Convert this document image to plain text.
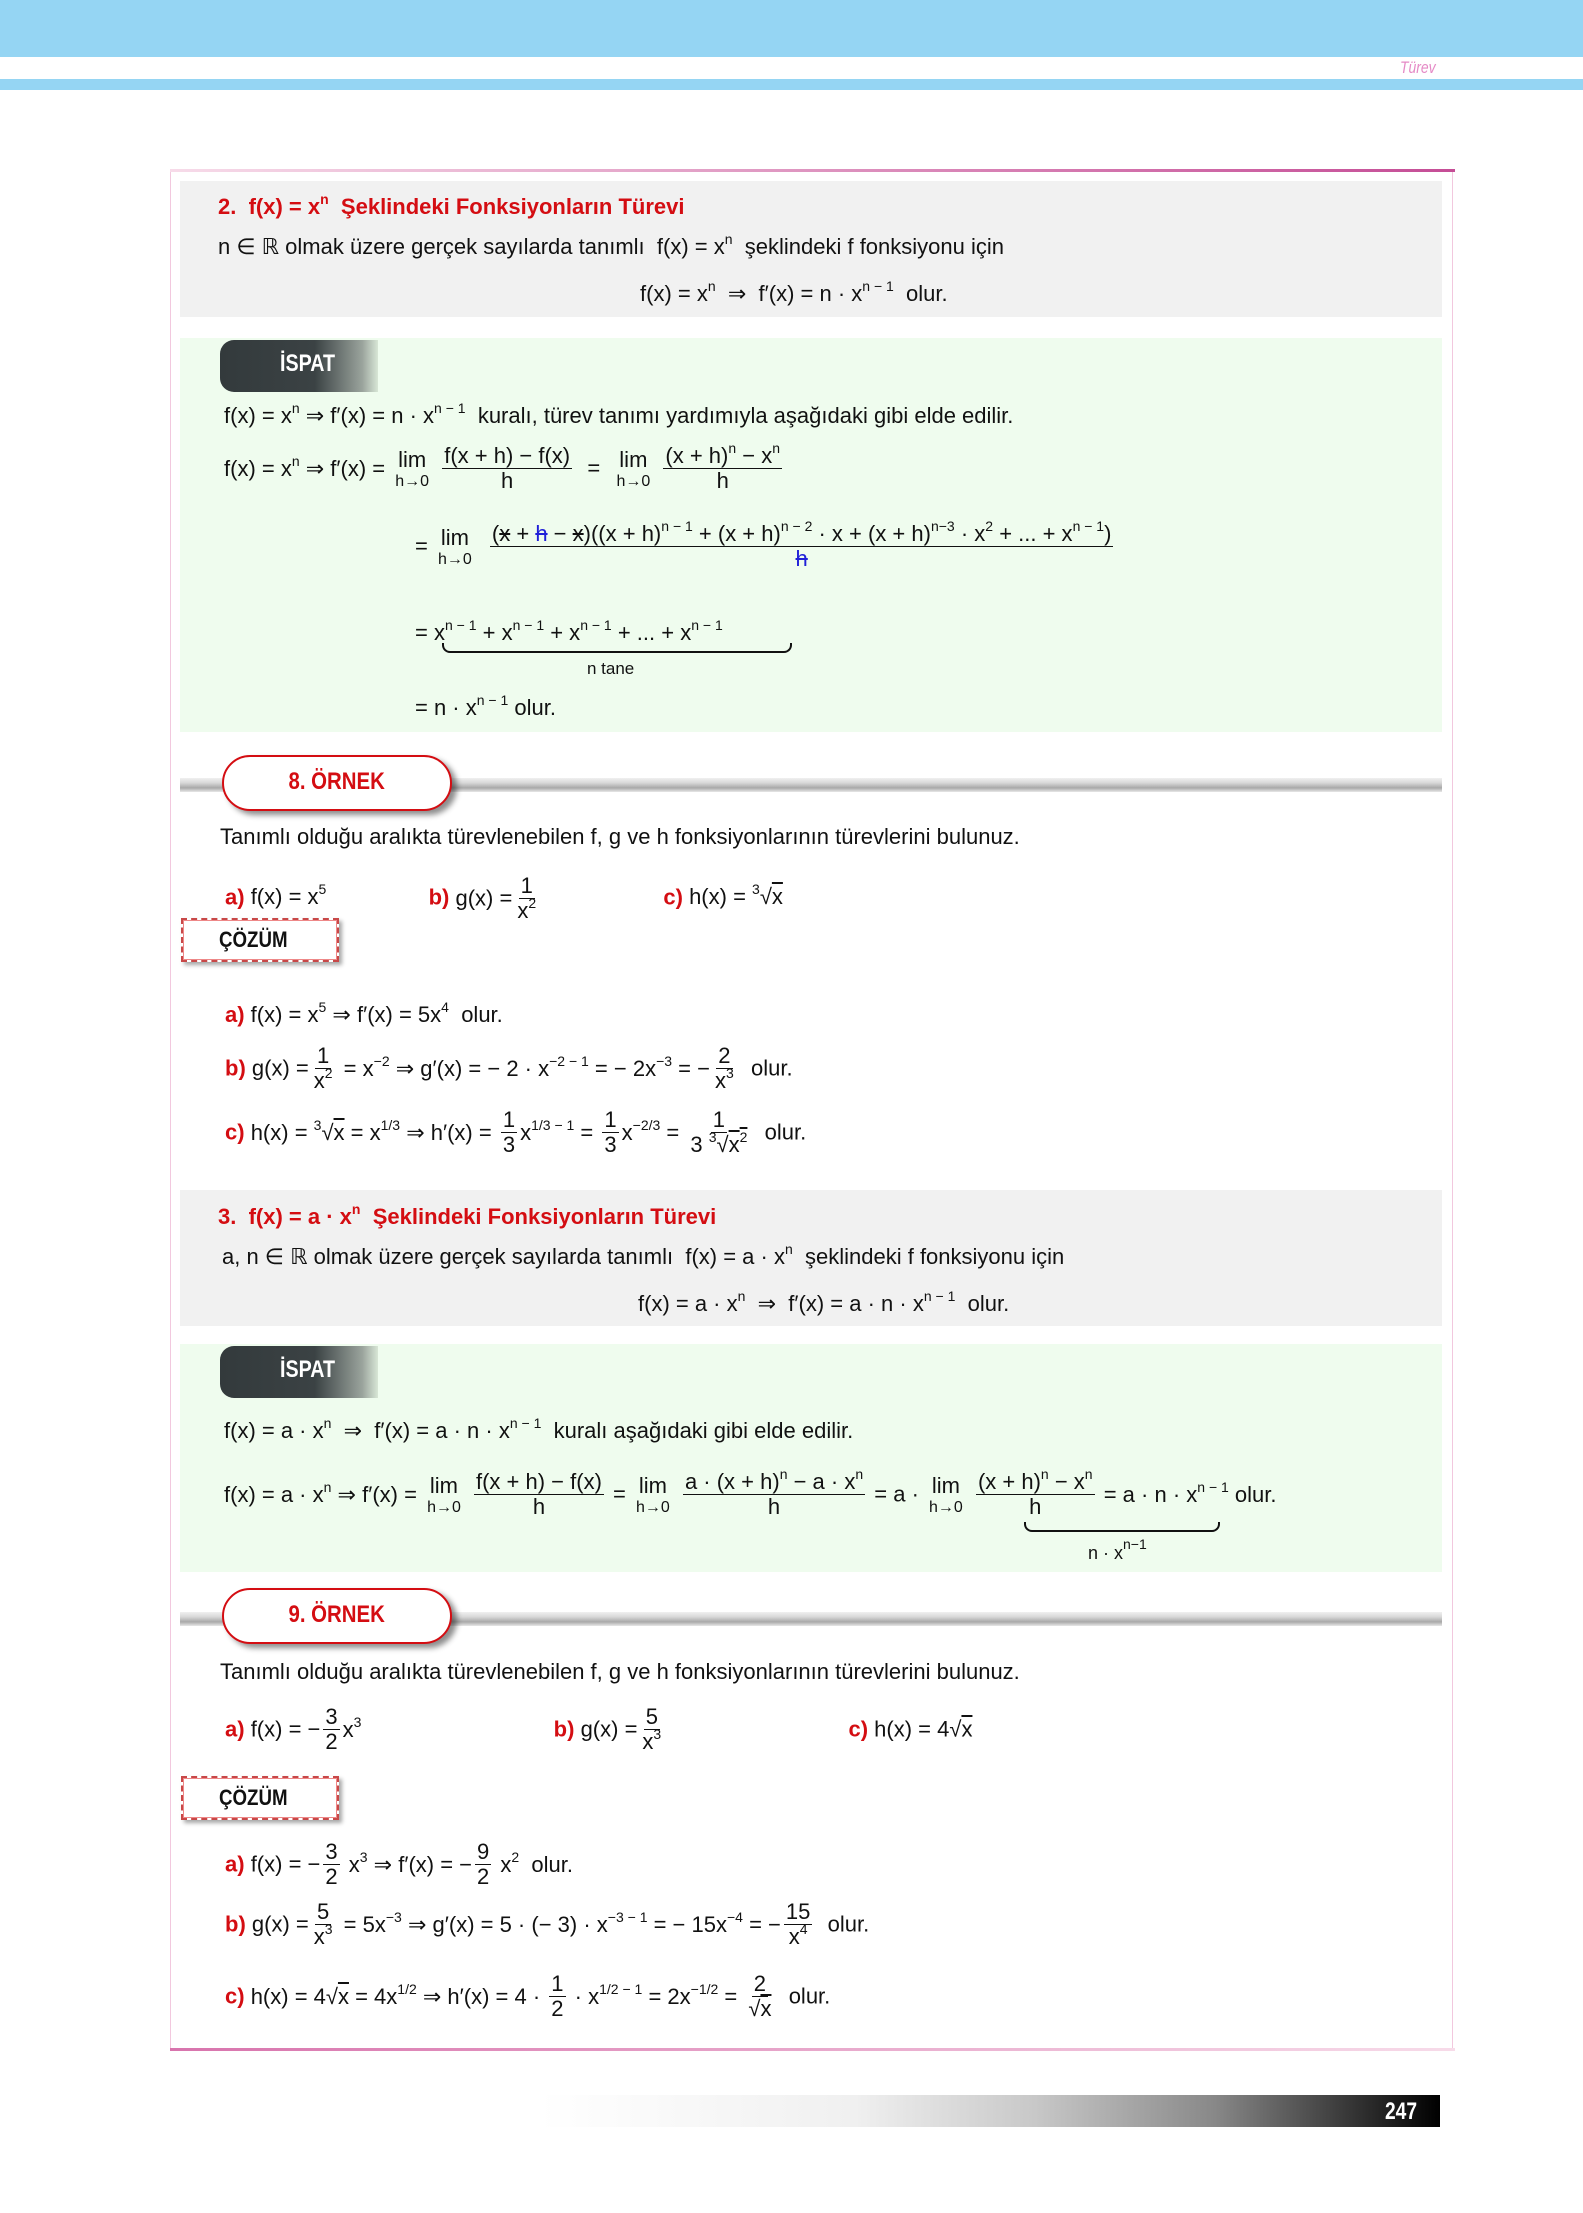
Türev
2. $f(x) = x^n$ Şeklindeki Fonksiyonların Türevi
n ∈ ℝ olmak üzere gerçek sayılarda tanımlı  $f(x) = x^n$ şeklindeki f fonksiyonu için
$f(x) = x^n$  ⇒  $f'(x) = n \cdot x^{n - 1}$ olur.
İSPAT
$f(x) = x^n$ ⇒ $f'(x) = n \cdot x^{n - 1}$ kuralı, türev tanımı yardımıyla aşağıdaki gibi elde edilir.
$f(x) = x^n$ ⇒ f′(x) = lim
h→0
$\frac{f(x + h) - f(x)}{h} = \lim$
h→0
$\frac{(x + h)^n - x^n}{h}$
= lim
h→0

$(x + h - x)((x + h)^{n - 1} + (x + h)^{n - 2} \cdot x + (x + h)^{n-3} \cdot x^2$ + ... + $x^{n - 1}$)
h
= $x^{n - 1} + x^{n - 1} + x^{n - 1}$ + ... + $x^{n - 1}$
n tane
= $n \cdot x^{n - 1}$ olur.
8. ÖRNEK
Tanımlı olduğu aralıkta türevlenebilen f, g ve h fonksiyonlarının türevlerini bulunuz.
a) $f(x) = x^5$	b) $g(x) = \frac{1}{x^2}$	c) h(x) = $^3$√x
ÇÖZÜM
a) $f(x) = x^5$ ⇒ $f'(x) = 5x^4$  olur.
b) $g(x) = \frac{1}{x^2} = x^{-2}$ ⇒ g′(x) = − $2 \cdot x^{-2 - 1}$ = − $2x^{-3}$ = − $\frac{2}{x^3}$ olur.
c) $h(x) = ^3√x = x^{1/3}$ ⇒ $h'(x) = \frac{1}{3} x^{1/3 - 1} = \frac{1}{3} x^{-2/3} = \frac{1}{3 ^3√x^2}$ olur.
3. $f(x) = a \cdot x^n$ Şeklindeki Fonksiyonların Türevi
a, n ∈ ℝ olmak üzere gerçek sayılarda tanımlı  $f(x) = a \cdot x^n$ şeklindeki f fonksiyonu için
$f(x) = a \cdot x^n$  ⇒  $f'(x) = a \cdot n \cdot x^{n - 1}$ olur.
İSPAT
$f(x) = a \cdot x^n$  ⇒  $f'(x) = a \cdot n \cdot x^{n - 1}$ kuralı aşağıdaki gibi elde edilir.
$f(x) = a \cdot x^n$ ⇒ f′(x) = lim
h→0
$\frac{f(x + h) - f(x)}{h} = \lim$
h→0
$\frac{a \cdot (x + h)^n - a \cdot x^n}{h} = a \cdot \lim$
h→0
$\frac{(x + h)^n - x^n}{h} = a \cdot n \cdot x^{n - 1}$ olur.
$n \cdot x^{n-1}$
9. ÖRNEK
Tanımlı olduğu aralıkta türevlenebilen f, g ve h fonksiyonlarının türevlerini bulunuz.
a) f(x) = − $\frac{3}{2} x^3$	b) $g(x) = \frac{5}{x^3}$	c) h(x) = 4√x
ÇÖZÜM
a) f(x) = − $\frac{3}{2} x^3$ ⇒ f′(x) = − $\frac{9}{2} x^2$  olur.
b) $g(x) = \frac{5}{x^3} = 5x^{-3}$ ⇒ g′(x) = 5 · (− $3) \cdot x^{-3 - 1}$ = − $15x^{-4}$ = − $\frac{15}{x^4}$ olur.
c) $h(x) = 4√x = 4x^{1/2}$ ⇒ $h'(x) = 4 \cdot \frac{1}{2} \cdot x^{1/2 - 1} = 2x^{-1/2} = \frac{2}{√x}$ olur.
247
